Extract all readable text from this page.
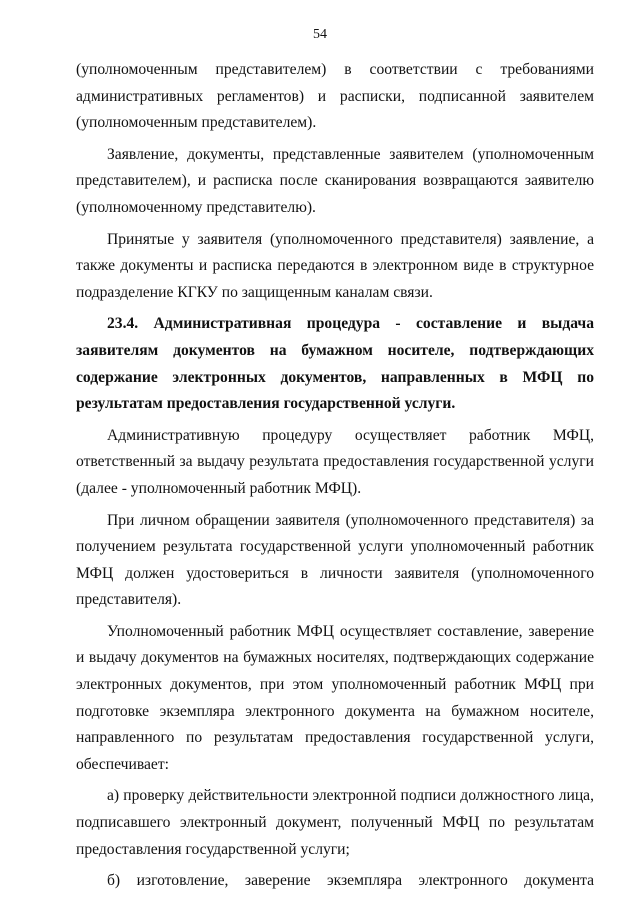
54

(уполномоченным представителем) в соответствии с требованиями административных регламентов) и расписки, подписанной заявителем (уполномоченным представителем).

Заявление, документы, представленные заявителем (уполномоченным представителем), и расписка после сканирования возвращаются заявителю (уполномоченному представителю).

Принятые у заявителя (уполномоченного представителя) заявление, а также документы и расписка передаются в электронном виде в структурное подразделение КГКУ по защищенным каналам связи.

23.4. Административная процедура - составление и выдача заявителям документов на бумажном носителе, подтверждающих содержание электронных документов, направленных в МФЦ по результатам предоставления государственной услуги.

Административную процедуру осуществляет работник МФЦ, ответственный за выдачу результата предоставления государственной услуги (далее - уполномоченный работник МФЦ).

При личном обращении заявителя (уполномоченного представителя) за получением результата государственной услуги уполномоченный работник МФЦ должен удостовериться в личности заявителя (уполномоченного представителя).

Уполномоченный работник МФЦ осуществляет составление, заверение и выдачу документов на бумажных носителях, подтверждающих содержание электронных документов, при этом уполномоченный работник МФЦ при подготовке экземпляра электронного документа на бумажном носителе, направленного по результатам предоставления государственной услуги, обеспечивает:

а) проверку действительности электронной подписи должностного лица, подписавшего электронный документ, полученный МФЦ по результатам предоставления государственной услуги;

б) изготовление, заверение экземпляра электронного документа
